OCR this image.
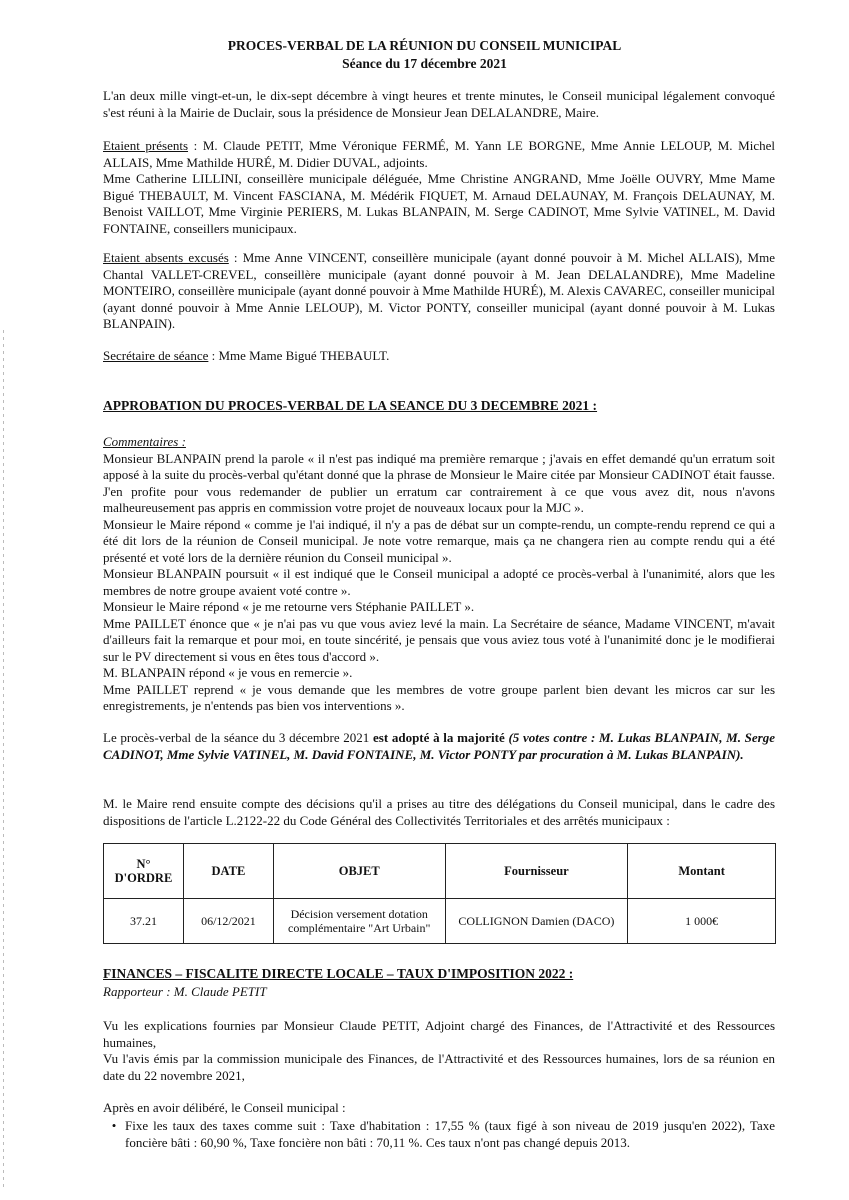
PROCES-VERBAL DE LA RÉUNION DU CONSEIL MUNICIPAL
Séance du 17 décembre 2021
L'an deux mille vingt-et-un, le dix-sept décembre à vingt heures et trente minutes, le Conseil municipal légalement convoqué s'est réuni à la Mairie de Duclair, sous la présidence de Monsieur Jean DELALANDRE, Maire.
Etaient présents : M. Claude PETIT, Mme Véronique FERMÉ, M. Yann LE BORGNE, Mme Annie LELOUP, M. Michel ALLAIS, Mme Mathilde HURÉ, M. Didier DUVAL, adjoints.
Mme Catherine LILLINI, conseillère municipale déléguée, Mme Christine ANGRAND, Mme Joëlle OUVRY, Mme Mame Bigué THEBAULT, M. Vincent FASCIANA, M. Médérik FIQUET, M. Arnaud DELAUNAY, M. François DELAUNAY, M. Benoist VAILLOT, Mme Virginie PERIERS, M. Lukas BLANPAIN, M. Serge CADINOT, Mme Sylvie VATINEL, M. David FONTAINE, conseillers municipaux.
Etaient absents excusés : Mme Anne VINCENT, conseillère municipale (ayant donné pouvoir à M. Michel ALLAIS), Mme Chantal VALLET-CREVEL, conseillère municipale (ayant donné pouvoir à M. Jean DELALANDRE), Mme Madeline MONTEIRO, conseillère municipale (ayant donné pouvoir à Mme Mathilde HURÉ), M. Alexis CAVAREC, conseiller municipal (ayant donné pouvoir à Mme Annie LELOUP), M. Victor PONTY, conseiller municipal (ayant donné pouvoir à M. Lukas BLANPAIN).
Secrétaire de séance : Mme Mame Bigué THEBAULT.
APPROBATION DU PROCES-VERBAL DE LA SEANCE DU 3 DECEMBRE 2021 :
Commentaires :
Monsieur BLANPAIN prend la parole « il n'est pas indiqué ma première remarque ; j'avais en effet demandé qu'un erratum soit apposé à la suite du procès-verbal qu'étant donné que la phrase de Monsieur le Maire citée par Monsieur CADINOT était fausse. J'en profite pour vous redemander de publier un erratum car contrairement à ce que vous avez dit, nous n'avons malheureusement pas appris en commission votre projet de nouveaux locaux pour la MJC ».
Monsieur le Maire répond « comme je l'ai indiqué, il n'y a pas de débat sur un compte-rendu, un compte-rendu reprend ce qui a été dit lors de la réunion de Conseil municipal. Je note votre remarque, mais ça ne changera rien au compte rendu qui a été présenté et voté lors de la dernière réunion du Conseil municipal ».
Monsieur BLANPAIN poursuit « il est indiqué que le Conseil municipal a adopté ce procès-verbal à l'unanimité, alors que les membres de notre groupe avaient voté contre ».
Monsieur le Maire répond « je me retourne vers Stéphanie PAILLET ».
Mme PAILLET énonce que « je n'ai pas vu que vous aviez levé la main. La Secrétaire de séance, Madame VINCENT, m'avait d'ailleurs fait la remarque et pour moi, en toute sincérité, je pensais que vous aviez tous voté à l'unanimité donc je le modifierai sur le PV directement si vous en êtes tous d'accord ».
M. BLANPAIN répond « je vous en remercie ».
Mme PAILLET reprend « je vous demande que les membres de votre groupe parlent bien devant les micros car sur les enregistrements, je n'entends pas bien vos interventions ».
Le procès-verbal de la séance du 3 décembre 2021 est adopté à la majorité (5 votes contre : M. Lukas BLANPAIN, M. Serge CADINOT, Mme Sylvie VATINEL, M. David FONTAINE, M. Victor PONTY par procuration à M. Lukas BLANPAIN).
M. le Maire rend ensuite compte des décisions qu'il a prises au titre des délégations du Conseil municipal, dans le cadre des dispositions de l'article L.2122-22 du Code Général des Collectivités Territoriales et des arrêtés municipaux :
N° D'ORDRE	DATE	OBJET	Fournisseur	Montant
37.21	06/12/2021	Décision versement dotation complémentaire "Art Urbain"	COLLIGNON Damien (DACO)	1 000€
FINANCES – FISCALITE DIRECTE LOCALE – TAUX D'IMPOSITION 2022 :
Rapporteur : M. Claude PETIT
Vu les explications fournies par Monsieur Claude PETIT, Adjoint chargé des Finances, de l'Attractivité et des Ressources humaines,
Vu l'avis émis par la commission municipale des Finances, de l'Attractivité et des Ressources humaines, lors de sa réunion en date du 22 novembre 2021,
Après en avoir délibéré, le Conseil municipal :
• Fixe les taux des taxes comme suit : Taxe d'habitation : 17,55 % (taux figé à son niveau de 2019 jusqu'en 2022), Taxe foncière bâti : 60,90 %, Taxe foncière non bâti : 70,11 %. Ces taux n'ont pas changé depuis 2013.
